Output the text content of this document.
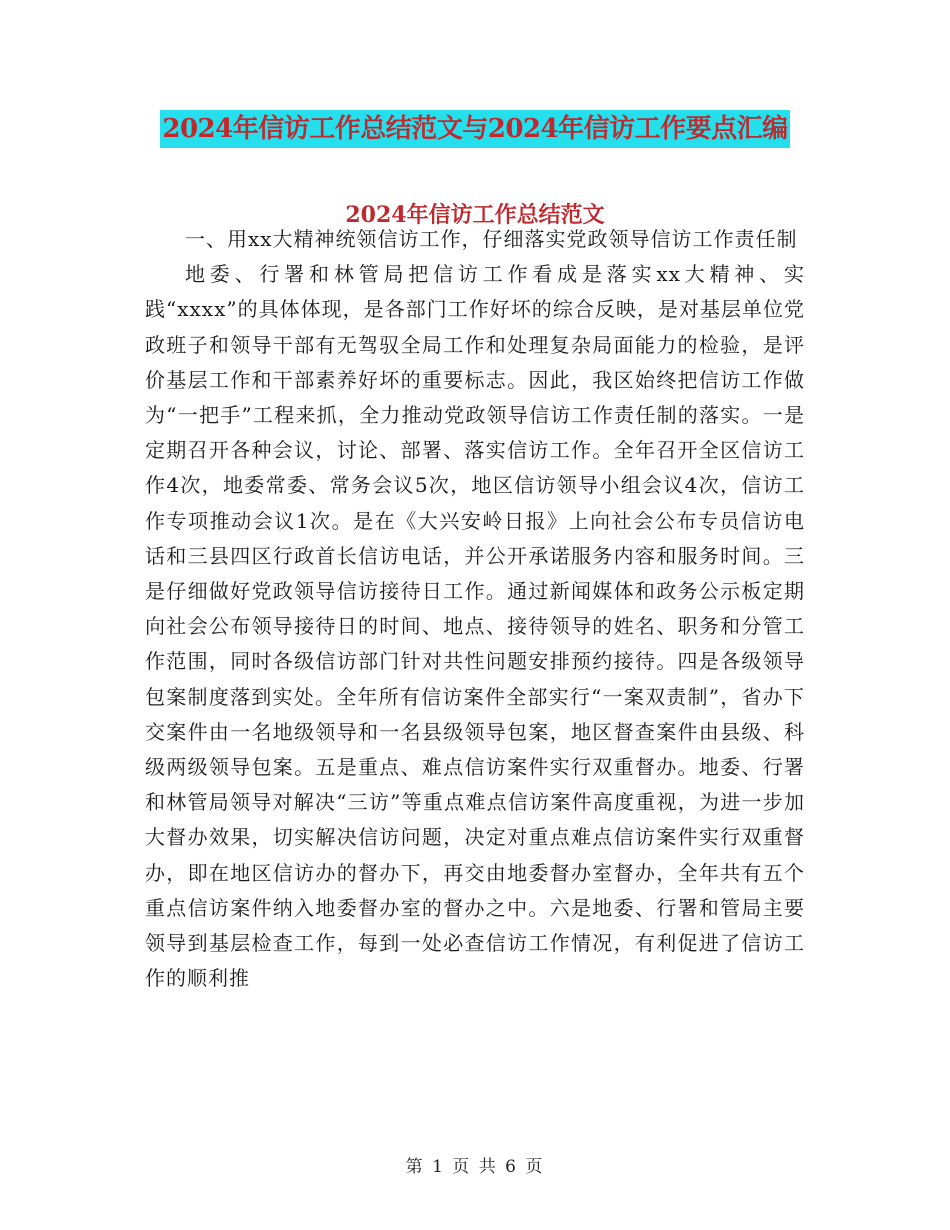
2024年信访工作总结范文与2024年信访工作要点汇编
2024年信访工作总结范文

一、用xx大精神统领信访工作，仔细落实党政领导信访工作责任制

地委、行署和林管局把信访工作看成是落实xx大精神、实践“xxxx”的具体体现，是各部门工作好坏的综合反映，是对基层单位党政班子和领导干部有无驾驭全局工作和处理复杂局面能力的检验，是评价基层工作和干部素养好坏的重要标志。因此，我区始终把信访工作做为“一把手”工程来抓，全力推动党政领导信访工作责任制的落实。一是定期召开各种会议，讨论、部署、落实信访工作。全年召开全区信访工作4次，地委常委、常务会议5次，地区信访领导小组会议4次，信访工作专项推动会议1次。是在《大兴安岭日报》上向社会公布专员信访电话和三县四区行政首长信访电话，并公开承诺服务内容和服务时间。三是仔细做好党政领导信访接待日工作。通过新闻媒体和政务公示板定期向社会公布领导接待日的时间、地点、接待领导的姓名、职务和分管工作范围，同时各级信访部门针对共性问题安排预约接待。四是各级领导包案制度落到实处。全年所有信访案件全部实行“一案双责制”，省办下交案件由一名地级领导和一名县级领导包案，地区督查案件由县级、科级两级领导包案。五是重点、难点信访案件实行双重督办。地委、行署和林管局领导对解决“三访”等重点难点信访案件高度重视，为进一步加大督办效果，切实解决信访问题，决定对重点难点信访案件实行双重督办，即在地区信访办的督办下，再交由地委督办室督办，全年共有五个重点信访案件纳入地委督办室的督办之中。六是地委、行署和管局主要领导到基层检查工作，每到一处必查信访工作情况，有利促进了信访工作的顺利推

第 1 页 共 6 页
